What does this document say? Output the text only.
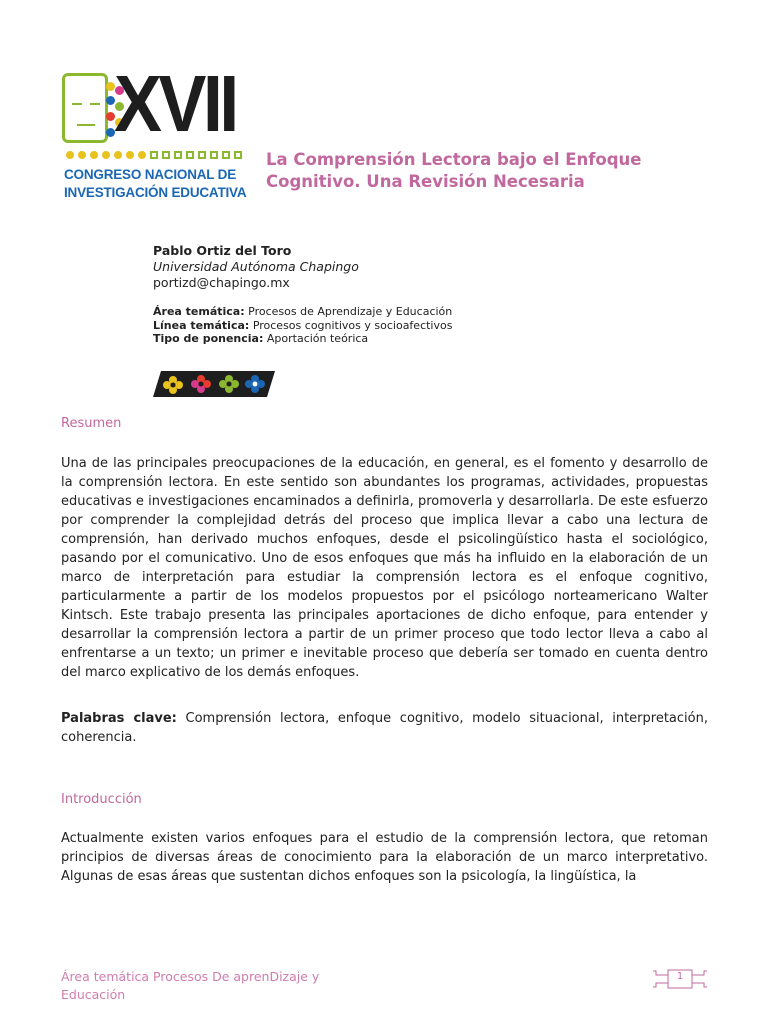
XVII
CONGRESO NACIONAL DE
INVESTIGACIÓN EDUCATIVA
La Comprensión Lectora bajo el Enfoque Cognitivo. Una Revisión Necesaria
Pablo Ortiz del Toro
Universidad Autónoma Chapingo
portizd@chapingo.mx
Área temática: Procesos de Aprendizaje y Educación
Línea temática: Procesos cognitivos y socioafectivos
Tipo de ponencia: Aportación teórica
Resumen
Una de las principales preocupaciones de la educación, en general, es el fomento y desarrollo de la comprensión lectora. En este sentido son abundantes los programas, actividades, propuestas educativas e investigaciones encaminados a definirla, promoverla y desarrollarla. De este esfuerzo por comprender la complejidad detrás del proceso que implica llevar a cabo una lectura de comprensión, han derivado muchos enfoques, desde el psicolingüístico hasta el sociológico, pasando por el comunicativo. Uno de esos enfoques que más ha influido en la elaboración de un marco de interpretación para estudiar la comprensión lectora es el enfoque cognitivo, particularmente a partir de los modelos propuestos por el psicólogo norteamericano Walter Kintsch. Este trabajo presenta las principales aportaciones de dicho enfoque, para entender y desarrollar la comprensión lectora a partir de un primer proceso que todo lector lleva a cabo al enfrentarse a un texto; un primer e inevitable proceso que debería ser tomado en cuenta dentro del marco explicativo de los demás enfoques.
Palabras clave: Comprensión lectora, enfoque cognitivo, modelo situacional, interpretación, coherencia.
Introducción
Actualmente existen varios enfoques para el estudio de la comprensión lectora, que retoman principios de diversas áreas de conocimiento para la elaboración de un marco interpretativo. Algunas de esas áreas que sustentan dichos enfoques son la psicología, la lingüística, la
Área temática Procesos De aprenDizaje y
Educación
1
